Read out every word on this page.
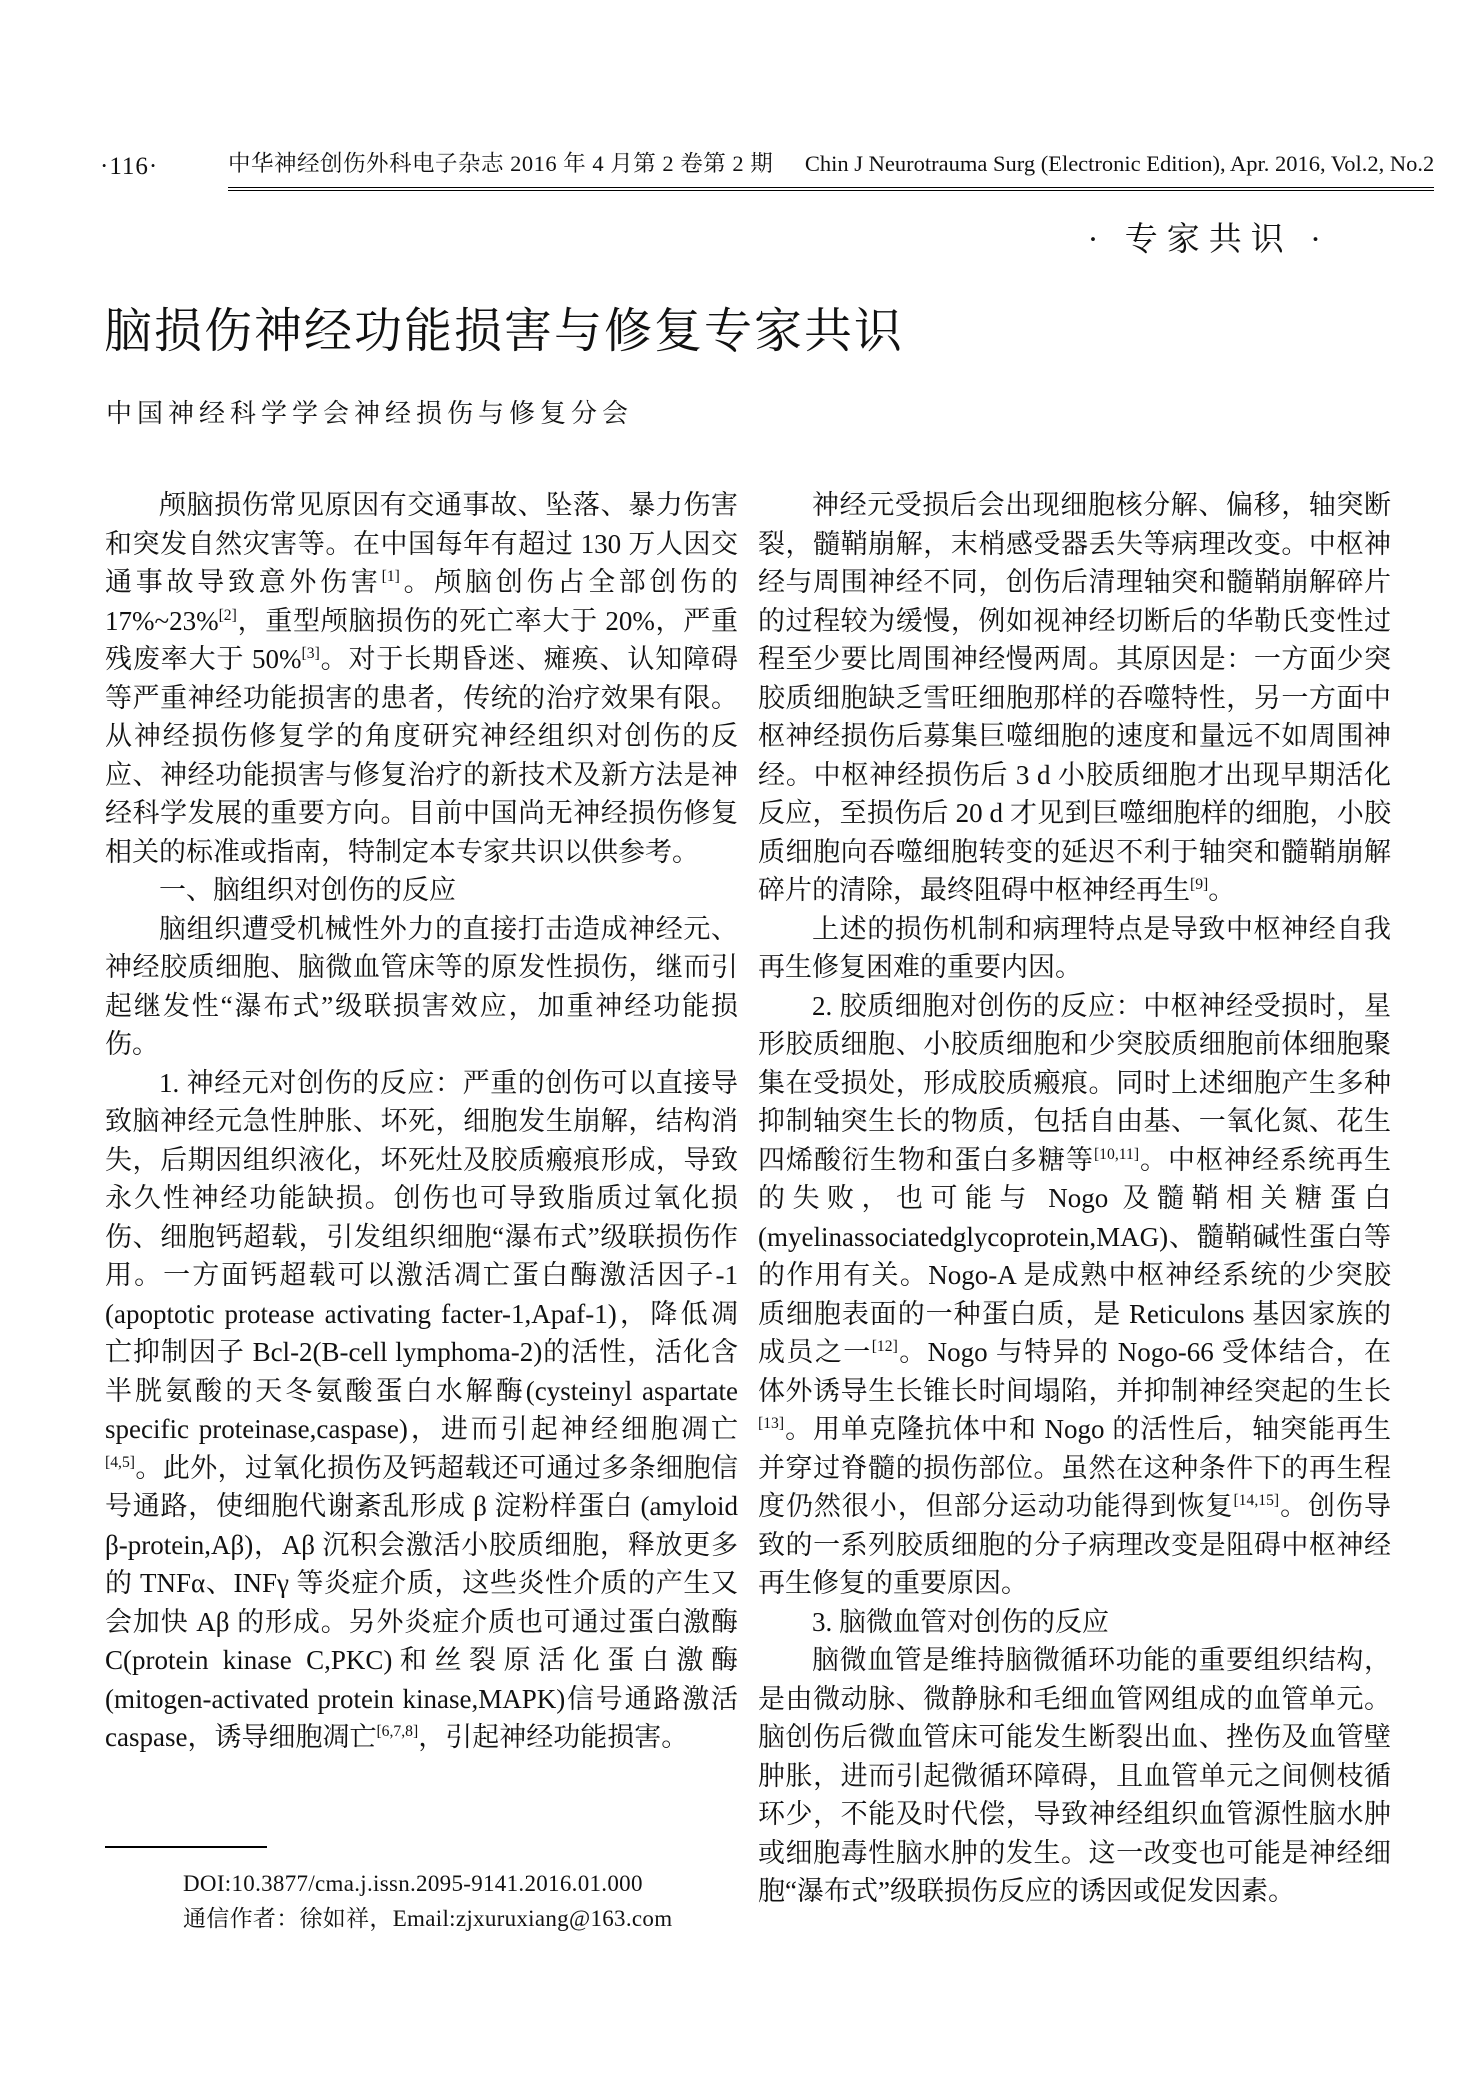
·116·	中华神经创伤外科电子杂志 2016 年 4 月第 2 卷第 2 期 Chin J Neurotrauma Surg (Electronic Edition), Apr. 2016, Vol.2, No.2
· 专家共识 ·
脑损伤神经功能损害与修复专家共识
中国神经科学学会神经损伤与修复分会

颅脑损伤常见原因有交通事故、坠落、暴力伤害和突发自然灾害等。在中国每年有超过 130 万人因交通事故导致意外伤害[1]。颅脑创伤占全部创伤的17%~23%[2]，重型颅脑损伤的死亡率大于 20%，严重残废率大于 50%[3]。对于长期昏迷、瘫痪、认知障碍等严重神经功能损害的患者，传统的治疗效果有限。从神经损伤修复学的角度研究神经组织对创伤的反应、神经功能损害与修复治疗的新技术及新方法是神经科学发展的重要方向。目前中国尚无神经损伤修复相关的标准或指南，特制定本专家共识以供参考。

一、脑组织对创伤的反应

脑组织遭受机械性外力的直接打击造成神经元、神经胶质细胞、脑微血管床等的原发性损伤，继而引起继发性“瀑布式”级联损害效应，加重神经功能损伤。

1. 神经元对创伤的反应：严重的创伤可以直接导致脑神经元急性肿胀、坏死，细胞发生崩解，结构消失，后期因组织液化，坏死灶及胶质瘢痕形成，导致永久性神经功能缺损。创伤也可导致脂质过氧化损伤、细胞钙超载，引发组织细胞“瀑布式”级联损伤作用。一方面钙超载可以激活凋亡蛋白酶激活因子-1 (apoptotic protease activating facter-1,Apaf-1)，降低凋亡抑制因子 Bcl-2(B-cell lymphoma-2)的活性，活化含半胱氨酸的天冬氨酸蛋白水解酶(cysteinyl aspartate specific proteinase,caspase)，进而引起神经细胞凋亡[4,5]。此外，过氧化损伤及钙超载还可通过多条细胞信号通路，使细胞代谢紊乱形成 β 淀粉样蛋白 (amyloid β-protein,Aβ)，Aβ 沉积会激活小胶质细胞，释放更多的 TNFα、INFγ 等炎症介质，这些炎性介质的产生又会加快 Aβ 的形成。另外炎症介质也可通过蛋白激酶 C(protein kinase C,PKC)和丝裂原活化蛋白激酶 (mitogen-activated protein kinase,MAPK)信号通路激活 caspase，诱导细胞凋亡[6,7,8]，引起神经功能损害。

神经元受损后会出现细胞核分解、偏移，轴突断裂，髓鞘崩解，末梢感受器丢失等病理改变。中枢神经与周围神经不同，创伤后清理轴突和髓鞘崩解碎片的过程较为缓慢，例如视神经切断后的华勒氏变性过程至少要比周围神经慢两周。其原因是：一方面少突胶质细胞缺乏雪旺细胞那样的吞噬特性，另一方面中枢神经损伤后募集巨噬细胞的速度和量远不如周围神经。中枢神经损伤后 3 d 小胶质细胞才出现早期活化反应，至损伤后 20 d 才见到巨噬细胞样的细胞，小胶质细胞向吞噬细胞转变的延迟不利于轴突和髓鞘崩解碎片的清除，最终阻碍中枢神经再生[9]。

上述的损伤机制和病理特点是导致中枢神经自我再生修复困难的重要内因。

2. 胶质细胞对创伤的反应：中枢神经受损时，星形胶质细胞、小胶质细胞和少突胶质细胞前体细胞聚集在受损处，形成胶质瘢痕。同时上述细胞产生多种抑制轴突生长的物质，包括自由基、一氧化氮、花生四烯酸衍生物和蛋白多糖等[10,11]。中枢神经系统再生的失败，也可能与 Nogo 及髓鞘相关糖蛋白(myelinassociatedglycoprotein,MAG)、髓鞘碱性蛋白等的作用有关。Nogo-A 是成熟中枢神经系统的少突胶质细胞表面的一种蛋白质，是 Reticulons 基因家族的成员之一[12]。Nogo 与特异的 Nogo-66 受体结合，在体外诱导生长锥长时间塌陷，并抑制神经突起的生长[13]。用单克隆抗体中和 Nogo 的活性后，轴突能再生并穿过脊髓的损伤部位。虽然在这种条件下的再生程度仍然很小，但部分运动功能得到恢复[14,15]。创伤导致的一系列胶质细胞的分子病理改变是阻碍中枢神经再生修复的重要原因。

3. 脑微血管对创伤的反应

脑微血管是维持脑微循环功能的重要组织结构，是由微动脉、微静脉和毛细血管网组成的血管单元。脑创伤后微血管床可能发生断裂出血、挫伤及血管壁肿胀，进而引起微循环障碍，且血管单元之间侧枝循环少，不能及时代偿，导致神经组织血管源性脑水肿或细胞毒性脑水肿的发生。这一改变也可能是神经细胞“瀑布式”级联损伤反应的诱因或促发因素。

DOI:10.3877/cma.j.issn.2095-9141.2016.01.000
通信作者：徐如祥，Email:zjxuruxiang@163.com
